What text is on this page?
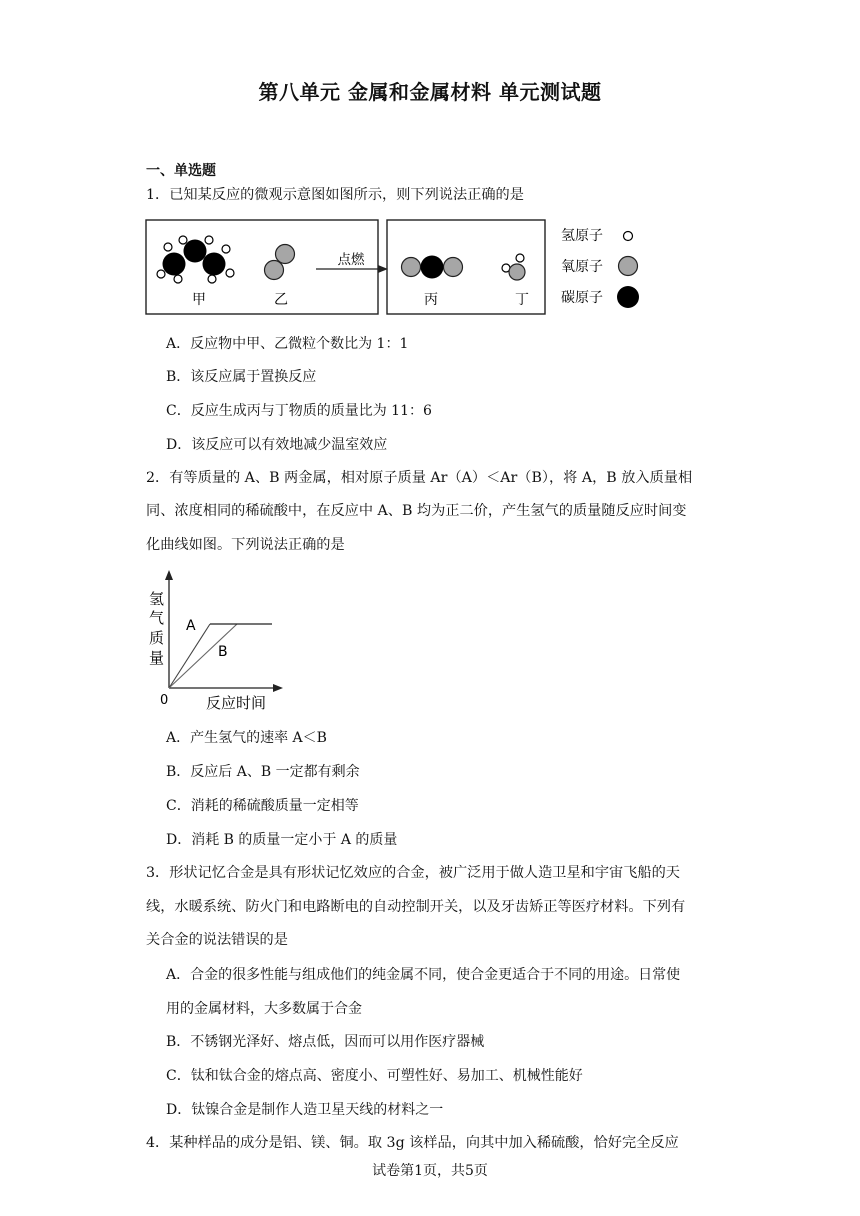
第八单元 金属和金属材料 单元测试题
一、单选题
1．已知某反应的微观示意图如图所示，则下列说法正确的是
甲	乙
点燃
丙	丁
氢原子
氧原子
碳原子
A．反应物中甲、乙微粒个数比为 1：1
B．该反应属于置换反应
C．反应生成丙与丁物质的质量比为 11：6
D．该反应可以有效地减少温室效应
2．有等质量的 A、B 两金属，相对原子质量 Ar（A）＜Ar（B），将 A，B 放入质量相
同、浓度相同的稀硫酸中，在反应中 A、B 均为正二价，产生氢气的质量随反应时间变
化曲线如图。下列说法正确的是
A
B
氢
气
质
量
0	反应时间
A．产生氢气的速率 A＜B
B．反应后 A、B 一定都有剩余
C．消耗的稀硫酸质量一定相等
D．消耗 B 的质量一定小于 A 的质量
3．形状记忆合金是具有形状记忆效应的合金，被广泛用于做人造卫星和宇宙飞船的天
线，水暖系统、防火门和电路断电的自动控制开关，以及牙齿矫正等医疗材料。下列有
关合金的说法错误的是
A．合金的很多性能与组成他们的纯金属不同，使合金更适合于不同的用途。日常使
用的金属材料，大多数属于合金
B．不锈钢光泽好、熔点低，因而可以用作医疗器械
C．钛和钛合金的熔点高、密度小、可塑性好、易加工、机械性能好
D．钛镍合金是制作人造卫星天线的材料之一
4．某种样品的成分是铝、镁、铜。取 3g 该样品，向其中加入稀硫酸，恰好完全反应
试卷第1页，共5页
